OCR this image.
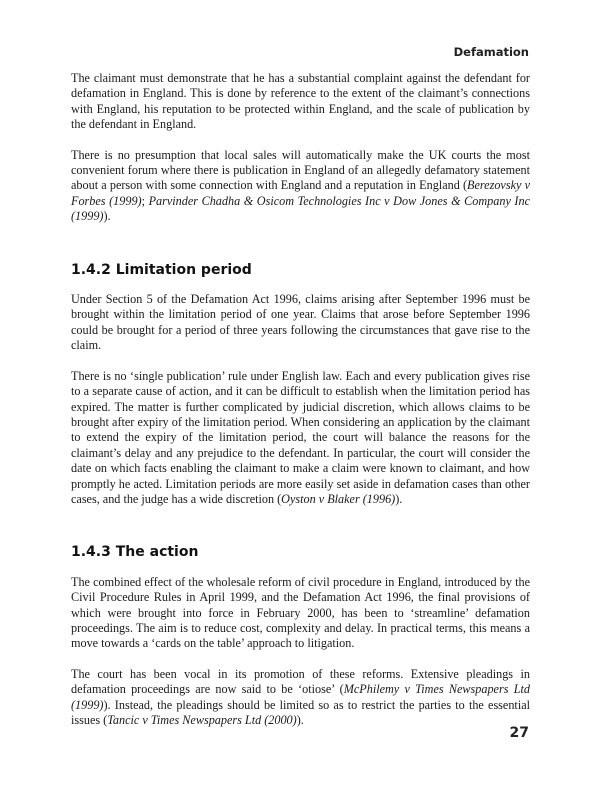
Defamation

The claimant must demonstrate that he has a substantial complaint against the defendant for defamation in England. This is done by reference to the extent of the claimant’s connections with England, his reputation to be protected within England, and the scale of publication by the defendant in England.

There is no presumption that local sales will automatically make the UK courts the most convenient forum where there is publication in England of an allegedly defamatory statement about a person with some connection with England and a reputation in England (Berezovsky v Forbes (1999); Parvinder Chadha & Osicom Technologies Inc v Dow Jones & Company Inc (1999)).

1.4.2 Limitation period

Under Section 5 of the Defamation Act 1996, claims arising after September 1996 must be brought within the limitation period of one year. Claims that arose before September 1996 could be brought for a period of three years following the circumstances that gave rise to the claim.

There is no ‘single publication’ rule under English law. Each and every publication gives rise to a separate cause of action, and it can be difficult to establish when the limitation period has expired. The matter is further complicated by judicial discretion, which allows claims to be brought after expiry of the limitation period. When considering an application by the claimant to extend the expiry of the limitation period, the court will balance the reasons for the claimant’s delay and any prejudice to the defendant. In particular, the court will consider the date on which facts enabling the claimant to make a claim were known to claimant, and how promptly he acted. Limitation periods are more easily set aside in defamation cases than other cases, and the judge has a wide discretion (Oyston v Blaker (1996)).

1.4.3 The action

The combined effect of the wholesale reform of civil procedure in England, introduced by the Civil Procedure Rules in April 1999, and the Defamation Act 1996, the final provisions of which were brought into force in February 2000, has been to ‘streamline’ defamation proceedings. The aim is to reduce cost, complexity and delay. In practical terms, this means a move towards a ‘cards on the table’ approach to litigation.

The court has been vocal in its promotion of these reforms. Extensive pleadings in defamation proceedings are now said to be ‘otiose’ (McPhilemy v Times Newspapers Ltd (1999)). Instead, the pleadings should be limited so as to restrict the parties to the essential issues (Tancic v Times Newspapers Ltd (2000)).

27
